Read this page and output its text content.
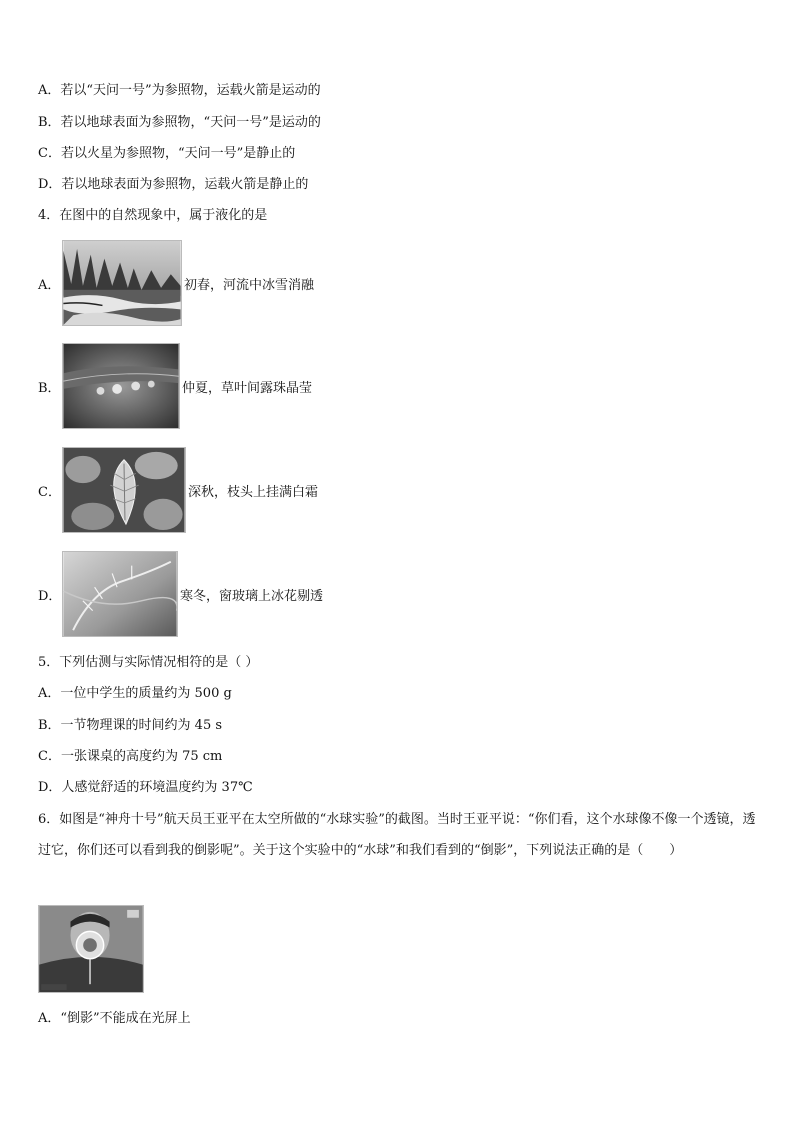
A．若以“天问一号”为参照物，运载火箭是运动的
B．若以地球表面为参照物，“天问一号”是运动的
C．若以火星为参照物，“天问一号”是静止的
D．若以地球表面为参照物，运载火箭是静止的
4．在图中的自然现象中，属于液化的是
A．	初春，河流中冰雪消融
B．	仲夏，草叶间露珠晶莹
C．	深秋，枝头上挂满白霜
D．	寒冬，窗玻璃上冰花剔透
5．下列估测与实际情况相符的是（ ）
A．一位中学生的质量约为 500 g
B．一节物理课的时间约为 45 s
C．一张课桌的高度约为 75 cm
D．人感觉舒适的环境温度约为 37℃
6．如图是“神舟十号”航天员王亚平在太空所做的“水球实验”的截图。当时王亚平说：“你们看，这个水球像不像一个透镜，透过它，你们还可以看到我的倒影呢”。关于这个实验中的“水球”和我们看到的“倒影”，下列说法正确的是（　　）
A．“倒影”不能成在光屏上
